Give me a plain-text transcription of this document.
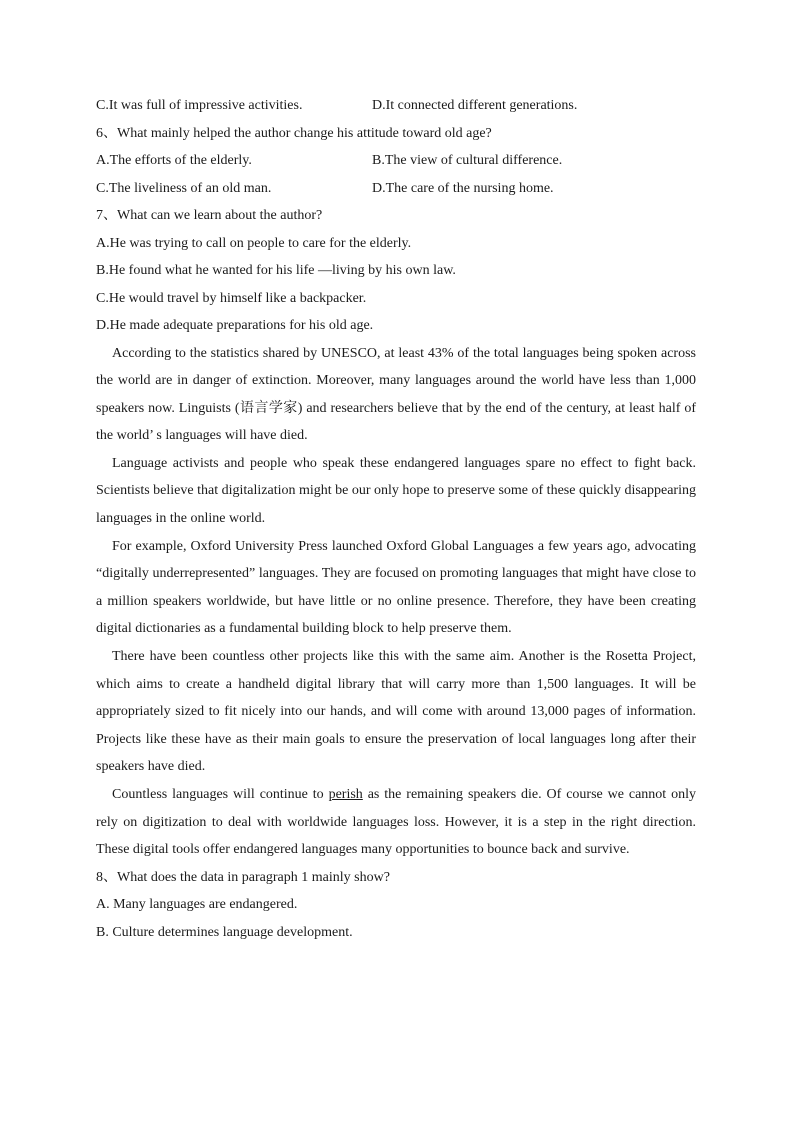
C.It was full of impressive activities.	D.It connected different generations.
6、What mainly helped the author change his attitude toward old age?
A.The efforts of the elderly.	B.The view of cultural difference.
C.The liveliness of an old man.	D.The care of the nursing home.
7、What can we learn about the author?
A.He was trying to call on people to care for the elderly.
B.He found what he wanted for his life —living by his own law.
C.He would travel by himself like a backpacker.
D.He made adequate preparations for his old age.

According to the statistics shared by UNESCO, at least 43% of the total languages being spoken across the world are in danger of extinction. Moreover, many languages around the world have less than 1,000 speakers now. Linguists (语言学家) and researchers believe that by the end of the century, at least half of the world’ s languages will have died.

Language activists and people who speak these endangered languages spare no effect to fight back. Scientists believe that digitalization might be our only hope to preserve some of these quickly disappearing languages in the online world.

For example, Oxford University Press launched Oxford Global Languages a few years ago, advocating “digitally underrepresented” languages. They are focused on promoting languages that might have close to a million speakers worldwide, but have little or no online presence. Therefore, they have been creating digital dictionaries as a fundamental building block to help preserve them.

There have been countless other projects like this with the same aim. Another is the Rosetta Project, which aims to create a handheld digital library that will carry more than 1,500 languages. It will be appropriately sized to fit nicely into our hands, and will come with around 13,000 pages of information. Projects like these have as their main goals to ensure the preservation of local languages long after their speakers have died.

Countless languages will continue to perish as the remaining speakers die. Of course we cannot only rely on digitization to deal with worldwide languages loss. However, it is a step in the right direction. These digital tools offer endangered languages many opportunities to bounce back and survive.

8、What does the data in paragraph 1 mainly show?
A. Many languages are endangered.
B. Culture determines language development.
